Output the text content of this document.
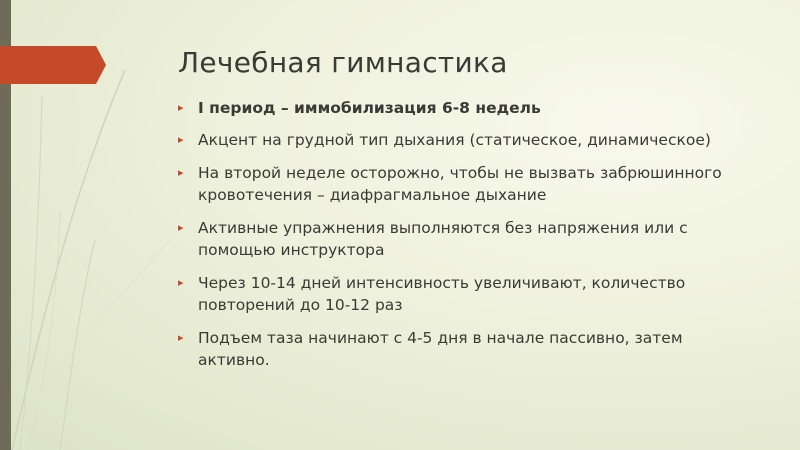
Лечебная гимнастика
▸ I период – иммобилизация 6-8 недель
▸ Акцент на грудной тип дыхания (статическое, динамическое)
▸ На второй неделе осторожно, чтобы не вызвать забрюшинного кровотечения – диафрагмальное дыхание
▸ Активные упражнения выполняются без напряжения или с помощью инструктора
▸ Через 10-14 дней интенсивность увеличивают, количество повторений до 10-12 раз
▸ Подъем таза начинают с 4-5 дня в начале пассивно, затем активно.
